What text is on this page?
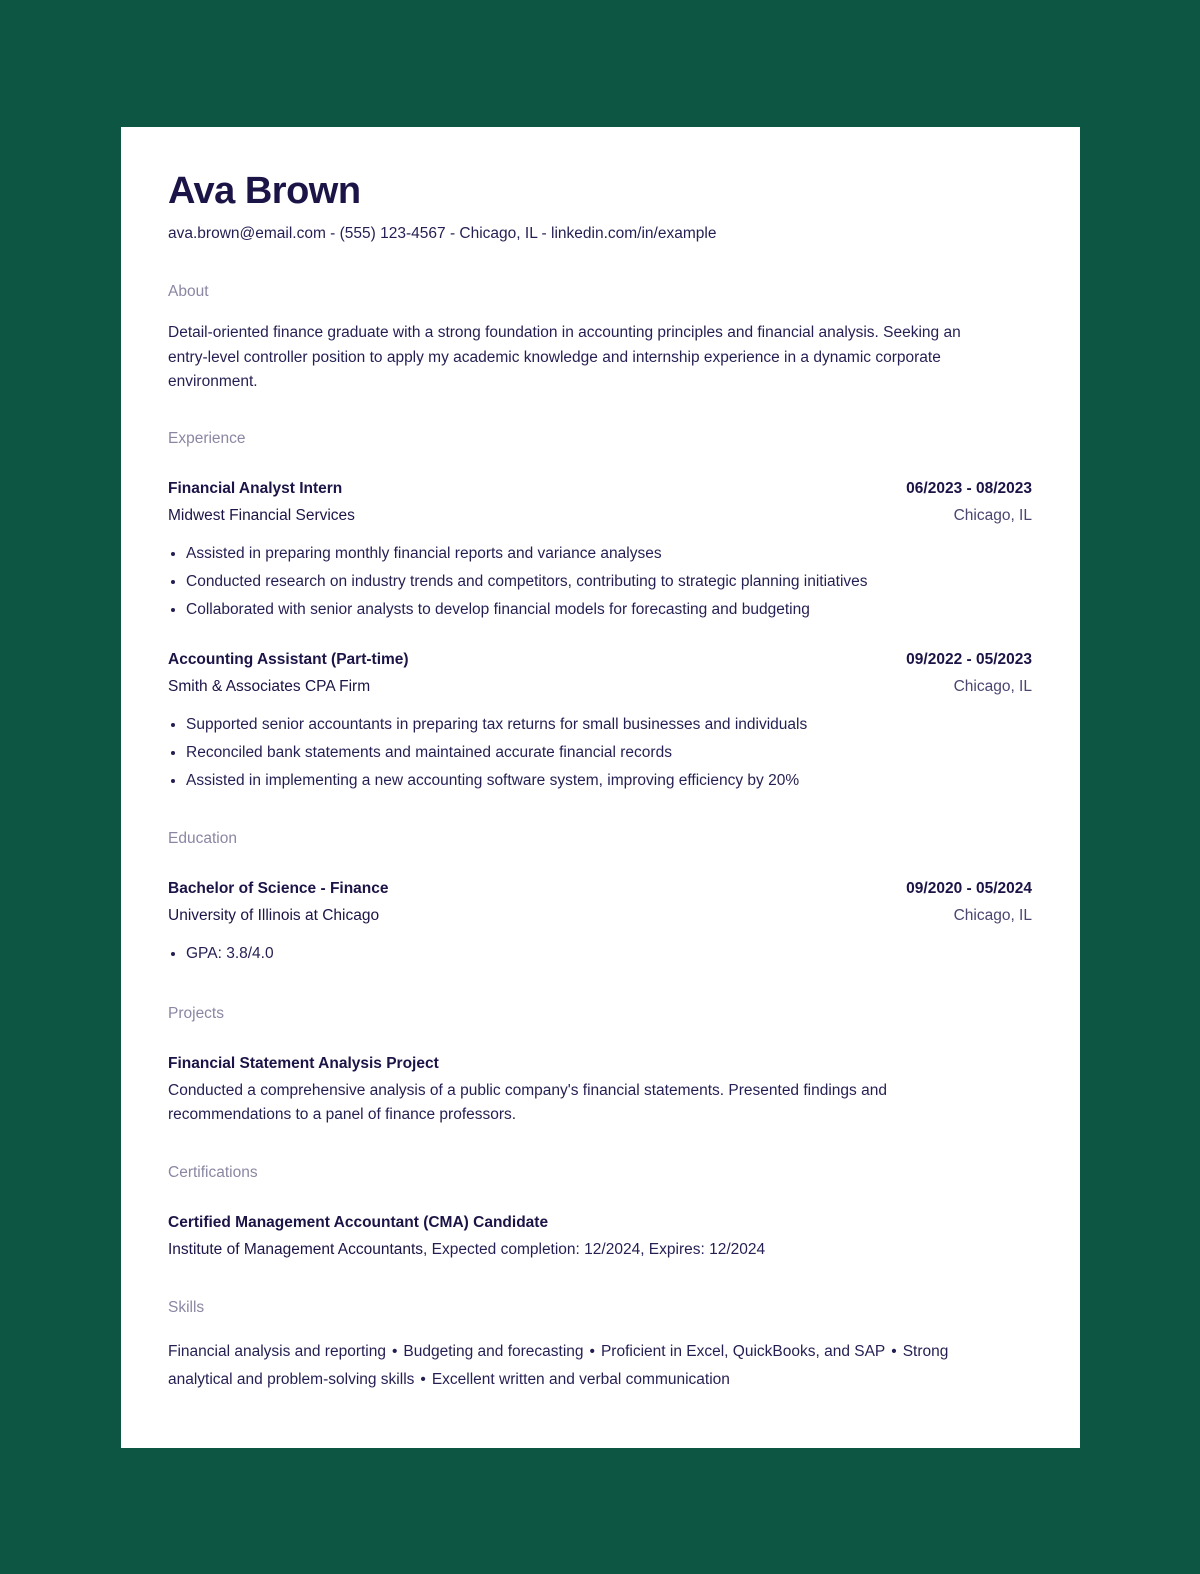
Ava Brown
ava.brown@email.com - (555) 123-4567 - Chicago, IL - linkedin.com/in/example
About
Detail-oriented finance graduate with a strong foundation in accounting principles and financial analysis. Seeking an entry-level controller position to apply my academic knowledge and internship experience in a dynamic corporate environment.
Experience
Financial Analyst Intern	06/2023 - 08/2023
Midwest Financial Services	Chicago, IL
• Assisted in preparing monthly financial reports and variance analyses
• Conducted research on industry trends and competitors, contributing to strategic planning initiatives
• Collaborated with senior analysts to develop financial models for forecasting and budgeting
Accounting Assistant (Part-time)	09/2022 - 05/2023
Smith & Associates CPA Firm	Chicago, IL
• Supported senior accountants in preparing tax returns for small businesses and individuals
• Reconciled bank statements and maintained accurate financial records
• Assisted in implementing a new accounting software system, improving efficiency by 20%
Education
Bachelor of Science - Finance	09/2020 - 05/2024
University of Illinois at Chicago	Chicago, IL
• GPA: 3.8/4.0
Projects
Financial Statement Analysis Project
Conducted a comprehensive analysis of a public company's financial statements. Presented findings and recommendations to a panel of finance professors.
Certifications
Certified Management Accountant (CMA) Candidate
Institute of Management Accountants, Expected completion: 12/2024, Expires: 12/2024
Skills
Financial analysis and reporting • Budgeting and forecasting • Proficient in Excel, QuickBooks, and SAP • Strong analytical and problem-solving skills • Excellent written and verbal communication
